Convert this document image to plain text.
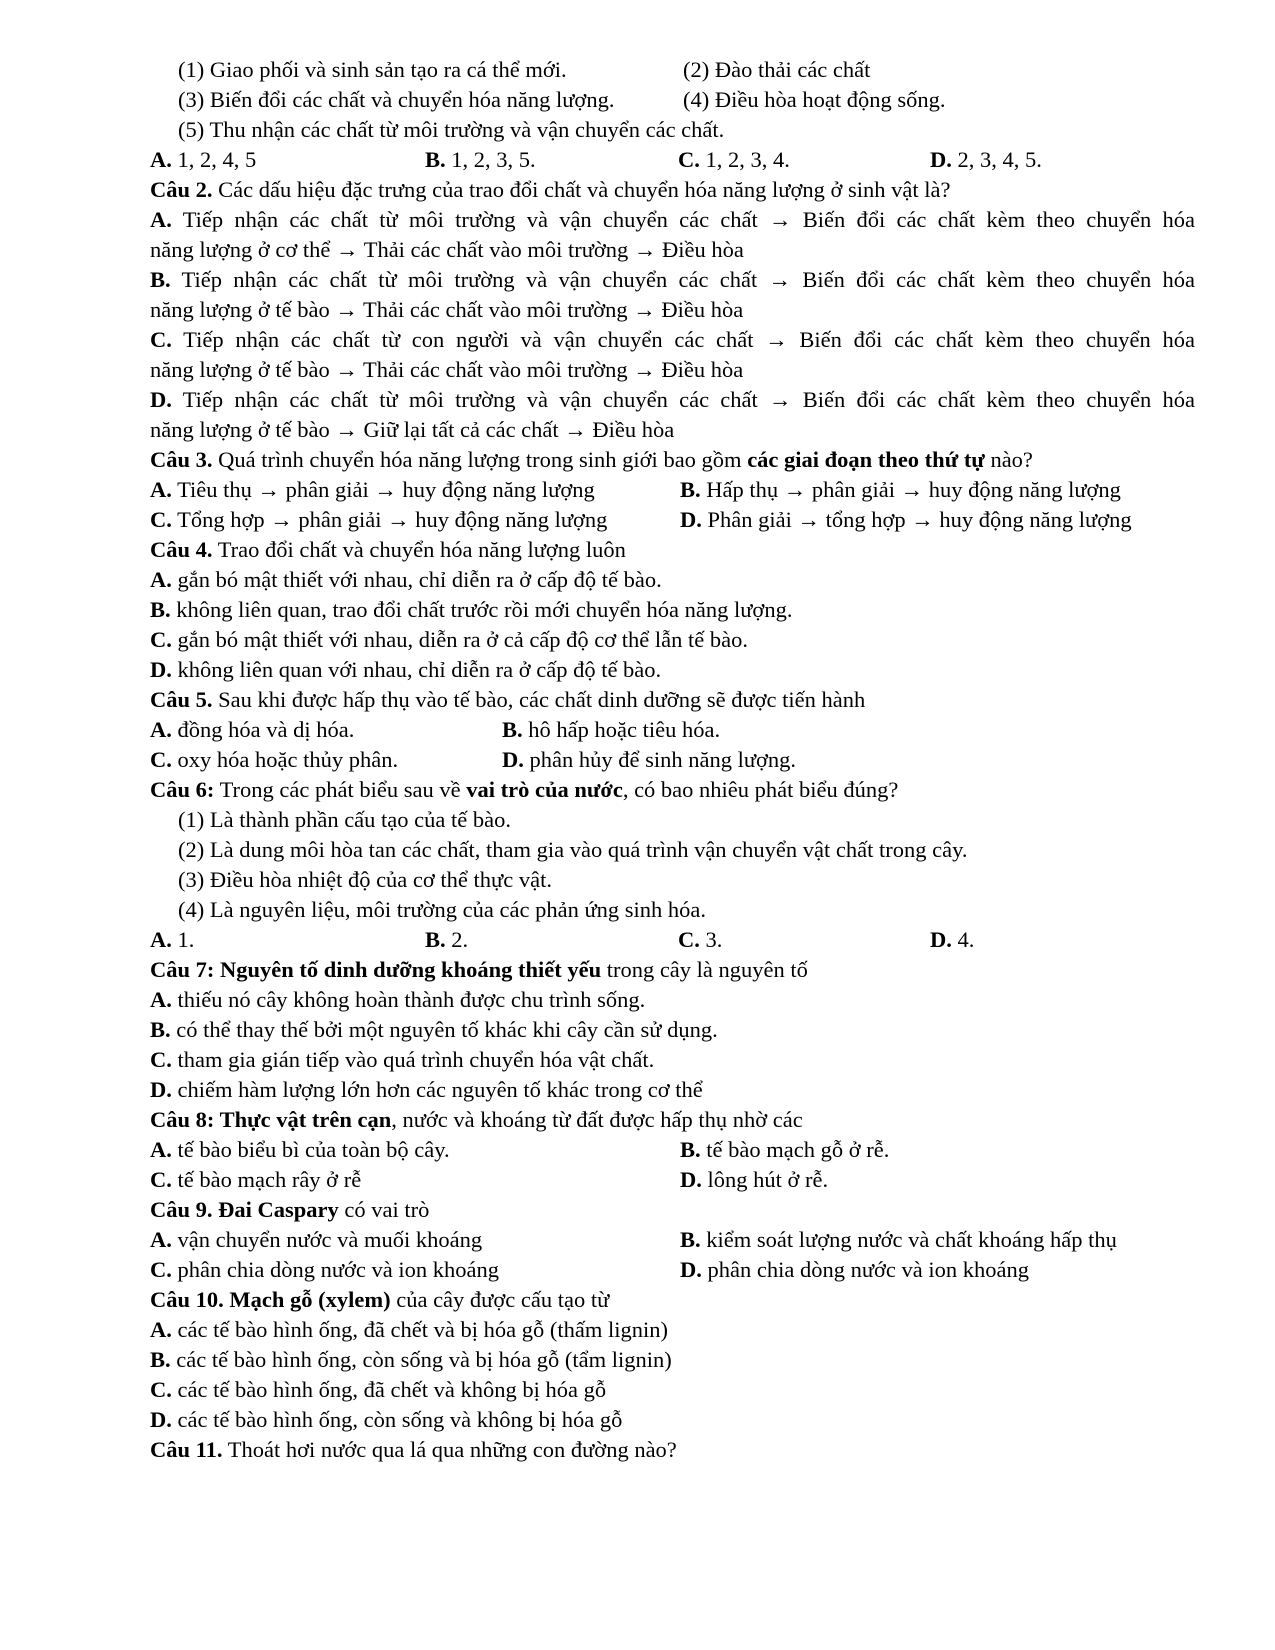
(1) Giao phối và sinh sản tạo ra cá thể mới.	(2) Đào thải các chất
(3) Biến đổi các chất và chuyển hóa năng lượng.	(4) Điều hòa hoạt động sống.
(5) Thu nhận các chất từ môi trường và vận chuyển các chất.
A. 1, 2, 4, 5	B. 1, 2, 3, 5.	C. 1, 2, 3, 4.	D. 2, 3, 4, 5.
Câu 2. Các dấu hiệu đặc trưng của trao đổi chất và chuyển hóa năng lượng ở sinh vật là?
A. Tiếp nhận các chất từ môi trường và vận chuyển các chất → Biến đổi các chất kèm theo chuyển hóa
năng lượng ở cơ thể → Thải các chất vào môi trường → Điều hòa
B. Tiếp nhận các chất từ môi trường và vận chuyển các chất → Biến đổi các chất kèm theo chuyển hóa
năng lượng ở tế bào → Thải các chất vào môi trường → Điều hòa
C. Tiếp nhận các chất từ con người và vận chuyển các chất → Biến đổi các chất kèm theo chuyển hóa
năng lượng ở tế bào → Thải các chất vào môi trường → Điều hòa
D. Tiếp nhận các chất từ môi trường và vận chuyển các chất → Biến đổi các chất kèm theo chuyển hóa
năng lượng ở tế bào → Giữ lại tất cả các chất → Điều hòa
Câu 3. Quá trình chuyển hóa năng lượng trong sinh giới bao gồm các giai đoạn theo thứ tự nào?
A. Tiêu thụ → phân giải → huy động năng lượng	B. Hấp thụ → phân giải → huy động năng lượng
C. Tổng hợp → phân giải → huy động năng lượng	D. Phân giải → tổng hợp → huy động năng lượng
Câu 4. Trao đổi chất và chuyển hóa năng lượng luôn
A. gắn bó mật thiết với nhau, chỉ diễn ra ở cấp độ tế bào.
B. không liên quan, trao đổi chất trước rồi mới chuyển hóa năng lượng.
C. gắn bó mật thiết với nhau, diễn ra ở cả cấp độ cơ thể lẫn tế bào.
D. không liên quan với nhau, chỉ diễn ra ở cấp độ tế bào.
Câu 5. Sau khi được hấp thụ vào tế bào, các chất dinh dưỡng sẽ được tiến hành
A. đồng hóa và dị hóa.	B. hô hấp hoặc tiêu hóa.
C. oxy hóa hoặc thủy phân.	D. phân hủy để sinh năng lượng.
Câu 6: Trong các phát biểu sau về vai trò của nước, có bao nhiêu phát biểu đúng?
(1) Là thành phần cấu tạo của tế bào.
(2) Là dung môi hòa tan các chất, tham gia vào quá trình vận chuyển vật chất trong cây.
(3) Điều hòa nhiệt độ của cơ thể thực vật.
(4) Là nguyên liệu, môi trường của các phản ứng sinh hóa.
A. 1.	B. 2.	C. 3.	D. 4.
Câu 7: Nguyên tố dinh dưỡng khoáng thiết yếu trong cây là nguyên tố
A. thiếu nó cây không hoàn thành được chu trình sống.
B. có thể thay thế bởi một nguyên tố khác khi cây cần sử dụng.
C. tham gia gián tiếp vào quá trình chuyển hóa vật chất.
D. chiếm hàm lượng lớn hơn các nguyên tố khác trong cơ thể
Câu 8: Thực vật trên cạn, nước và khoáng từ đất được hấp thụ nhờ các
A. tế bào biểu bì của toàn bộ cây.	B. tế bào mạch gỗ ở rễ.
C. tế bào mạch rây ở rễ	D. lông hút ở rễ.
Câu 9. Đai Caspary có vai trò
A. vận chuyển nước và muối khoáng	B. kiểm soát lượng nước và chất khoáng hấp thụ
C. phân chia dòng nước và ion khoáng	D. phân chia dòng nước và ion khoáng
Câu 10. Mạch gỗ (xylem) của cây được cấu tạo từ
A. các tế bào hình ống, đã chết và bị hóa gỗ (thấm lignin)
B. các tế bào hình ống, còn sống và bị hóa gỗ (tẩm lignin)
C. các tế bào hình ống, đã chết và không bị hóa gỗ
D. các tế bào hình ống, còn sống và không bị hóa gỗ
Câu 11. Thoát hơi nước qua lá qua những con đường nào?
